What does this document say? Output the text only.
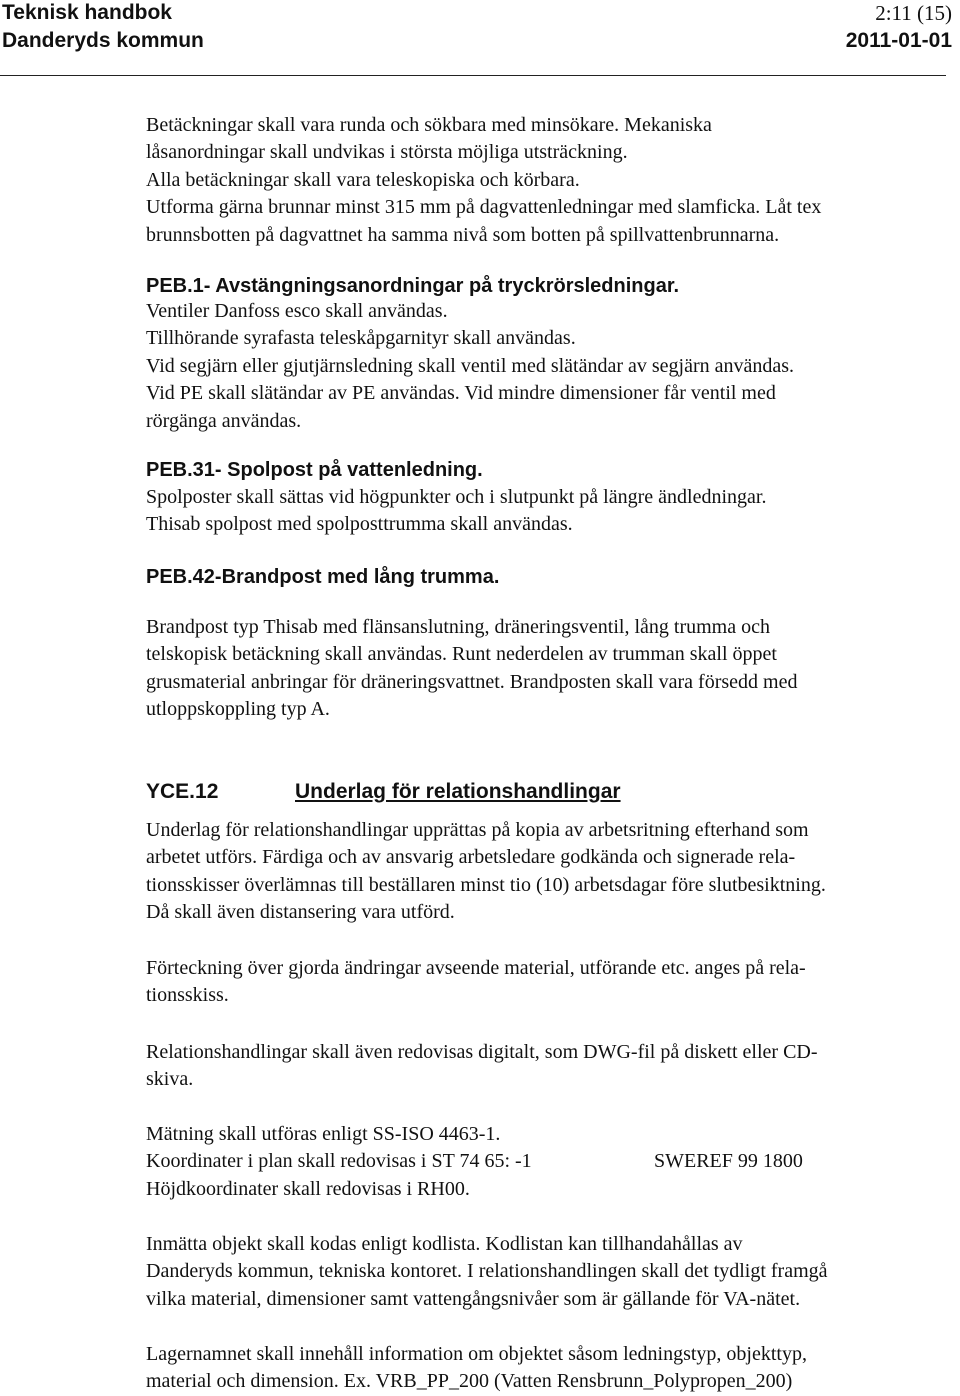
Teknisk handbok	2:11 (15)
Danderyds kommun	2011-01-01
Betäckningar skall vara runda och sökbara med minsökare. Mekaniska
låsanordningar skall undvikas i största möjliga utsträckning.
Alla betäckningar skall vara teleskopiska och körbara.
Utforma gärna brunnar minst 315 mm på dagvattenledningar med slamficka. Låt tex
brunnsbotten på dagvattnet ha samma nivå som botten på spillvattenbrunnarna.
PEB.1- Avstängningsanordningar på tryckrörsledningar.
Ventiler Danfoss esco skall användas.
Tillhörande syrafasta teleskåpgarnityr skall användas.
Vid segjärn eller gjutjärnsledning skall ventil med slätändar av segjärn användas.
Vid PE skall slätändar av PE användas. Vid mindre dimensioner får ventil med
rörgänga användas.
PEB.31- Spolpost på vattenledning.
Spolposter skall sättas vid högpunkter och i slutpunkt på längre ändledningar.
Thisab spolpost med spolposttrumma skall användas.
PEB.42-Brandpost med lång trumma.
Brandpost typ Thisab med flänsanslutning, dräneringsventil, lång trumma och
telskopisk betäckning skall användas. Runt nederdelen av trumman skall öppet
grusmaterial anbringar för dräneringsvattnet. Brandposten skall vara försedd med
utloppskoppling typ A.
YCE.12	Underlag för relationshandlingar
Underlag för relationshandlingar upprättas på kopia av arbetsritning efterhand som
arbetet utförs. Färdiga och av ansvarig arbetsledare godkända och signerade rela-
tionsskisser överlämnas till beställaren minst tio (10) arbetsdagar före slutbesiktning.
Då skall även distansering vara utförd.
Förteckning över gjorda ändringar avseende material, utförande etc. anges på rela-
tionsskiss.
Relationshandlingar skall även redovisas digitalt, som DWG-fil på diskett eller CD-
skiva.
Mätning skall utföras enligt SS-ISO 4463-1.
Koordinater i plan skall redovisas i ST 74 65: -1	SWEREF 99 1800
Höjdkoordinater skall redovisas i RH00.
Inmätta objekt skall kodas enligt kodlista. Kodlistan kan tillhandahållas av
Danderyds kommun, tekniska kontoret. I relationshandlingen skall det tydligt framgå
vilka material, dimensioner samt vattengångsnivåer som är gällande för VA-nätet.
Lagernamnet skall innehåll information om objektet såsom ledningstyp, objekttyp,
material och dimension. Ex. VRB_PP_200 (Vatten Rensbrunn_Polypropen_200)
